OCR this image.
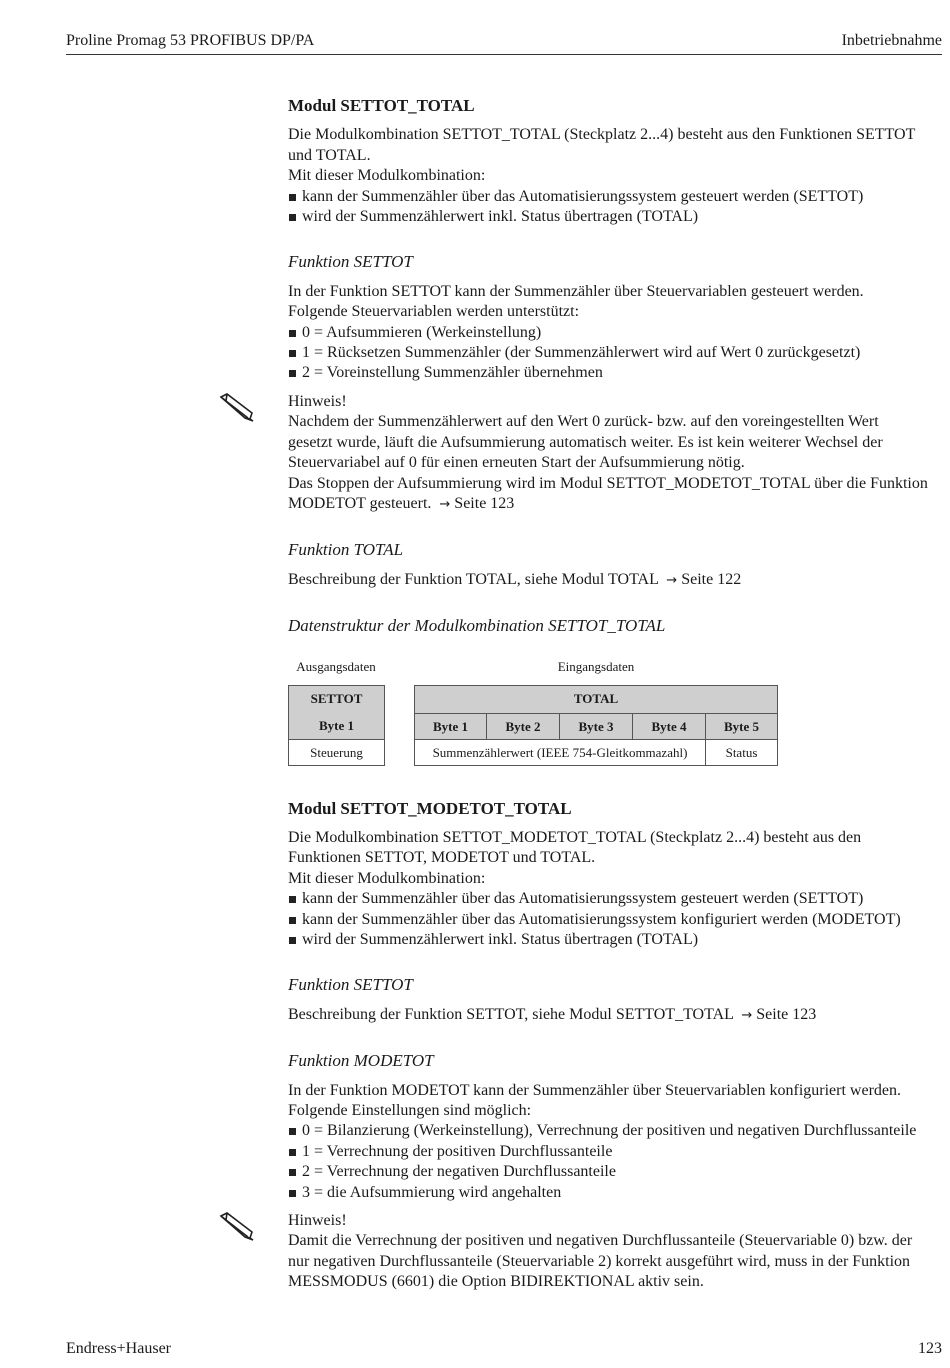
Proline Promag 53 PROFIBUS DP/PA	Inbetriebnahme
Modul SETTOT_TOTAL

Die Modulkombination SETTOT_TOTAL (Steckplatz 2...4) besteht aus den Funktionen SETTOT

und TOTAL.

Mit dieser Modulkombination:

kann der Summenzähler über das Automatisierungssystem gesteuert werden (SETTOT)
wird der Summenzählerwert inkl. Status übertragen (TOTAL)
Funktion SETTOT

In der Funktion SETTOT kann der Summenzähler über Steuervariablen gesteuert werden.

Folgende Steuervariablen werden unterstützt:

0 = Aufsummieren (Werkeinstellung)
1 = Rücksetzen Summenzähler (der Summenzählerwert wird auf Wert 0 zurückgesetzt)
2 = Voreinstellung Summenzähler übernehmen

Hinweis!

Nachdem der Summenzählerwert auf den Wert 0 zurück- bzw. auf den voreingestellten Wert

gesetzt wurde, läuft die Aufsummierung automatisch weiter. Es ist kein weiterer Wechsel der

Steuervariabel auf 0 für einen erneuten Start der Aufsummierung nötig.

Das Stoppen der Aufsummierung wird im Modul SETTOT_MODETOT_TOTAL über die Funktion

MODETOT gesteuert. → Seite 123

Funktion TOTAL

Beschreibung der Funktion TOTAL, siehe Modul TOTAL → Seite 122

Datenstruktur der Modulkombination SETTOT_TOTAL
Ausgangsdaten	Eingangsdaten
SETTOT
Byte 1
Steuerung
TOTAL
Byte 1	Byte 2	Byte 3	Byte 4	Byte 5
Summenzählerwert (IEEE 754-Gleitkommazahl)	Status
Modul SETTOT_MODETOT_TOTAL

Die Modulkombination SETTOT_MODETOT_TOTAL (Steckplatz 2...4) besteht aus den

Funktionen SETTOT, MODETOT und TOTAL.

Mit dieser Modulkombination:

kann der Summenzähler über das Automatisierungssystem gesteuert werden (SETTOT)
kann der Summenzähler über das Automatisierungssystem konfiguriert werden (MODETOT)
wird der Summenzählerwert inkl. Status übertragen (TOTAL)
Funktion SETTOT

Beschreibung der Funktion SETTOT, siehe Modul SETTOT_TOTAL → Seite 123

Funktion MODETOT

In der Funktion MODETOT kann der Summenzähler über Steuervariablen konfiguriert werden.

Folgende Einstellungen sind möglich:

0 = Bilanzierung (Werkeinstellung), Verrechnung der positiven und negativen Durchflussanteile
1 = Verrechnung der positiven Durchflussanteile
2 = Verrechnung der negativen Durchflussanteile
3 = die Aufsummierung wird angehalten

Hinweis!

Damit die Verrechnung der positiven und negativen Durchflussanteile (Steuervariable 0) bzw. der

nur negativen Durchflussanteile (Steuervariable 2) korrekt ausgeführt wird, muss in der Funktion

MESSMODUS (6601) die Option BIDIREKTIONAL aktiv sein.

Endress+Hauser	123
